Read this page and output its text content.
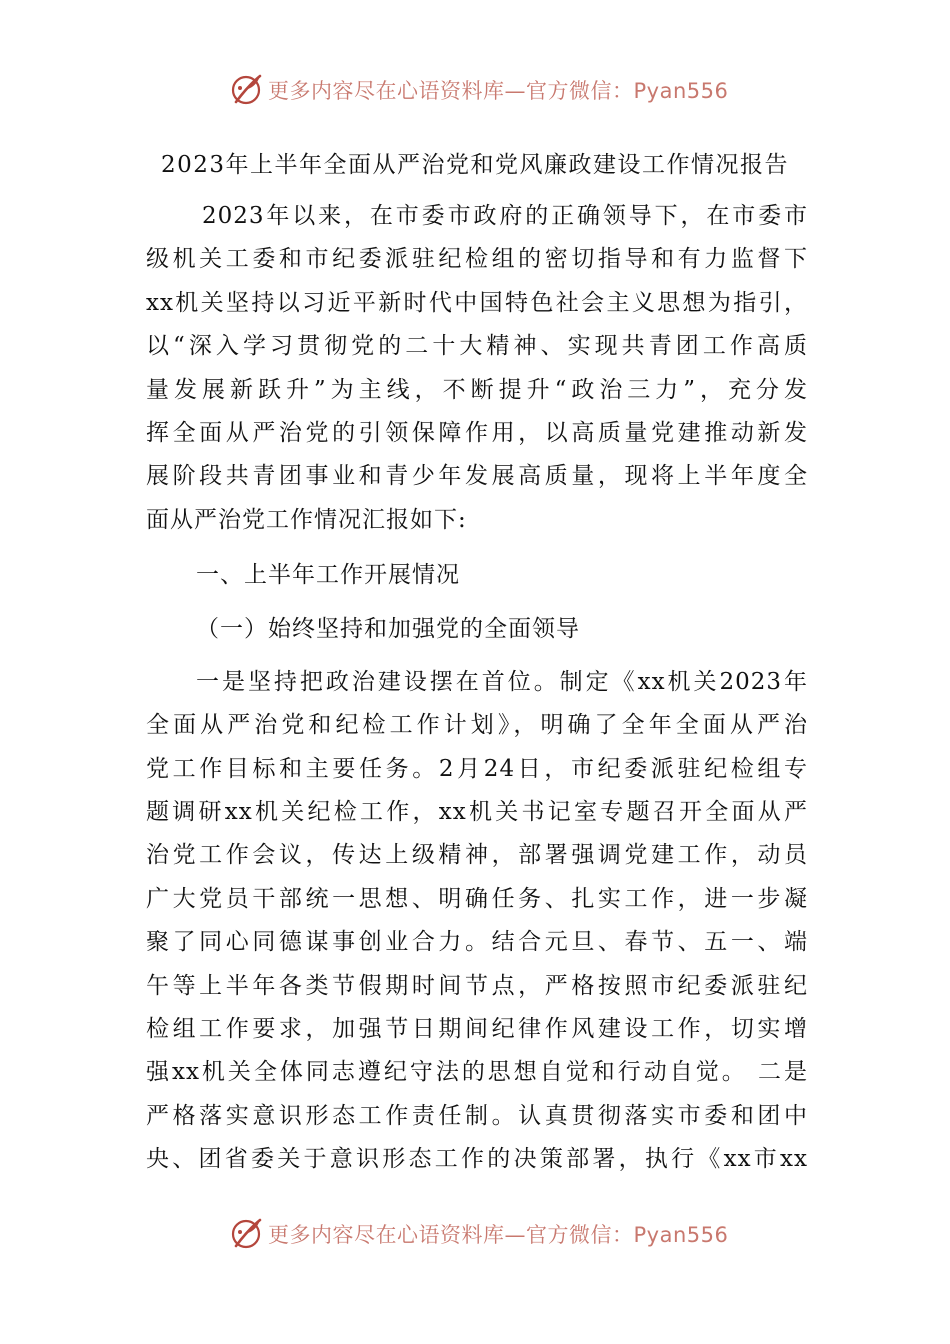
更多内容尽在心语资料库—官方微信：Pyan556
2023年上半年全面从严治党和党风廉政建设工作情况报告
2023年以来，在市委市政府的正确领导下，在市委市
级机关工委和市纪委派驻纪检组的密切指导和有力监督下
xx机关坚持以习近平新时代中国特色社会主义思想为指引，
以“深入学习贯彻党的二十大精神、实现共青团工作高质
量发展新跃升”为主线，不断提升“政治三力”，充分发
挥全面从严治党的引领保障作用，以高质量党建推动新发
展阶段共青团事业和青少年发展高质量，现将上半年度全
面从严治党工作情况汇报如下:
一、上半年工作开展情况
（一）始终坚持和加强党的全面领导
一是坚持把政治建设摆在首位。制定《xx机关2023年
全面从严治党和纪检工作计划》，明确了全年全面从严治
党工作目标和主要任务。2月24日，市纪委派驻纪检组专
题调研xx机关纪检工作，xx机关书记室专题召开全面从严
治党工作会议，传达上级精神，部署强调党建工作，动员
广大党员干部统一思想、明确任务、扎实工作，进一步凝
聚了同心同德谋事创业合力。结合元旦、春节、五一、端
午等上半年各类节假期时间节点，严格按照市纪委派驻纪
检组工作要求，加强节日期间纪律作风建设工作，切实增
强xx机关全体同志遵纪守法的思想自觉和行动自觉。 二是
严格落实意识形态工作责任制。认真贯彻落实市委和团中
央、团省委关于意识形态工作的决策部署，执行《xx市xx
更多内容尽在心语资料库—官方微信：Pyan556
